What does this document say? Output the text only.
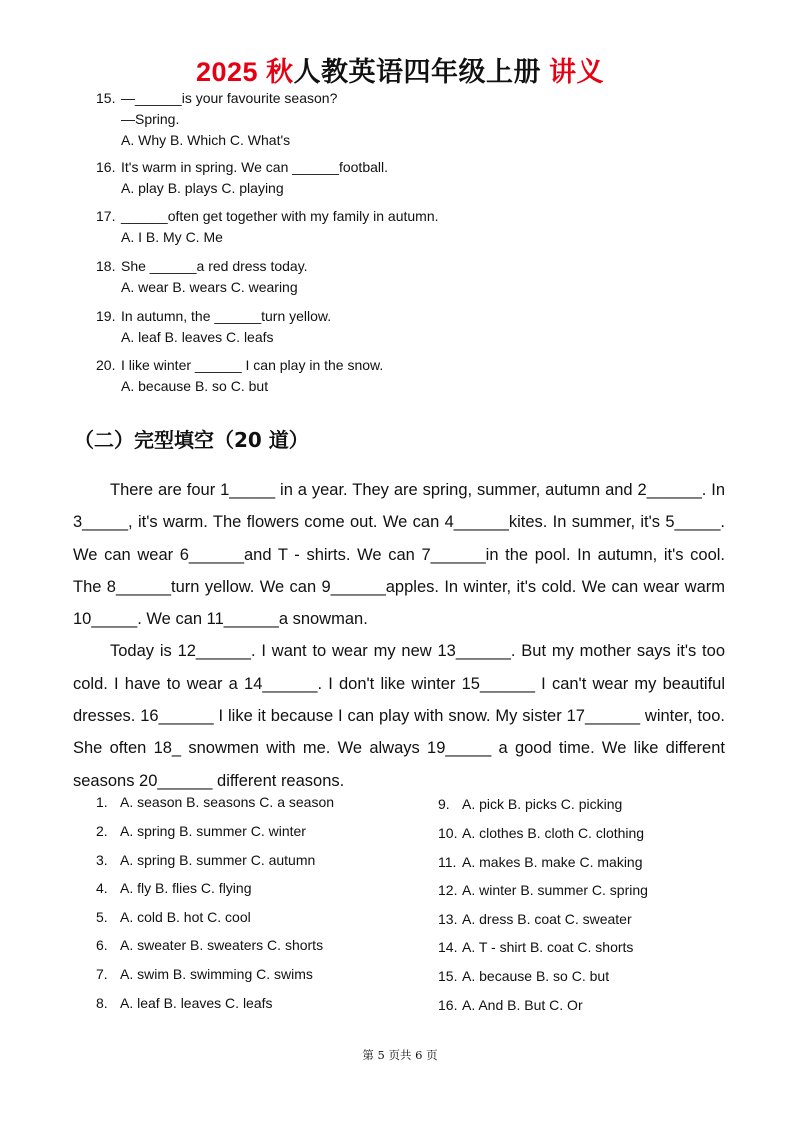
2025 秋人教英语四年级上册 讲义
15. —______is your favourite season?
—Spring.
A. Why B. Which C. What's
16. It's warm in spring. We can ______football.
A. play B. plays C. playing
17. ______often get together with my family in autumn.
A. I B. My C. Me
18. She ______a red dress today.
A. wear B. wears C. wearing
19. In autumn, the ______turn yellow.
A. leaf B. leaves C. leafs
20. I like winter ______ I can play in the snow.
A. because B. so C. but
（二）完型填空（20 道）

There are four 1_____ in a year. They are spring, summer, autumn and 2______. In 3_____, it's warm. The flowers come out. We can 4______kites. In summer, it's 5_____. We can wear 6______and T - shirts. We can 7______in the pool. In autumn, it's cool. The 8______turn yellow. We can 9______apples. In winter, it's cold. We can wear warm 10_____. We can 11______a snowman.

Today is 12______. I want to wear my new 13______. But my mother says it's too cold. I have to wear a 14______. I don't like winter 15______ I can't wear my beautiful dresses. 16______ I like it because I can play with snow. My sister 17______ winter, too. She often 18_ snowmen with me. We always 19_____ a good time. We like different seasons 20______ different reasons.

1. A. season B. seasons C. a season
2. A. spring B. summer C. winter
3. A. spring B. summer C. autumn
4. A. fly B. flies C. flying
5. A. cold B. hot C. cool
6. A. sweater B. sweaters C. shorts
7. A. swim B. swimming C. swims
8. A. leaf B. leaves C. leafs
9. A. pick B. picks C. picking
10. A. clothes B. cloth C. clothing
11. A. makes B. make C. making
12. A. winter B. summer C. spring
13. A. dress B. coat C. sweater
14. A. T - shirt B. coat C. shorts
15. A. because B. so C. but
16. A. And B. But C. Or
第 5 页共 6 页
